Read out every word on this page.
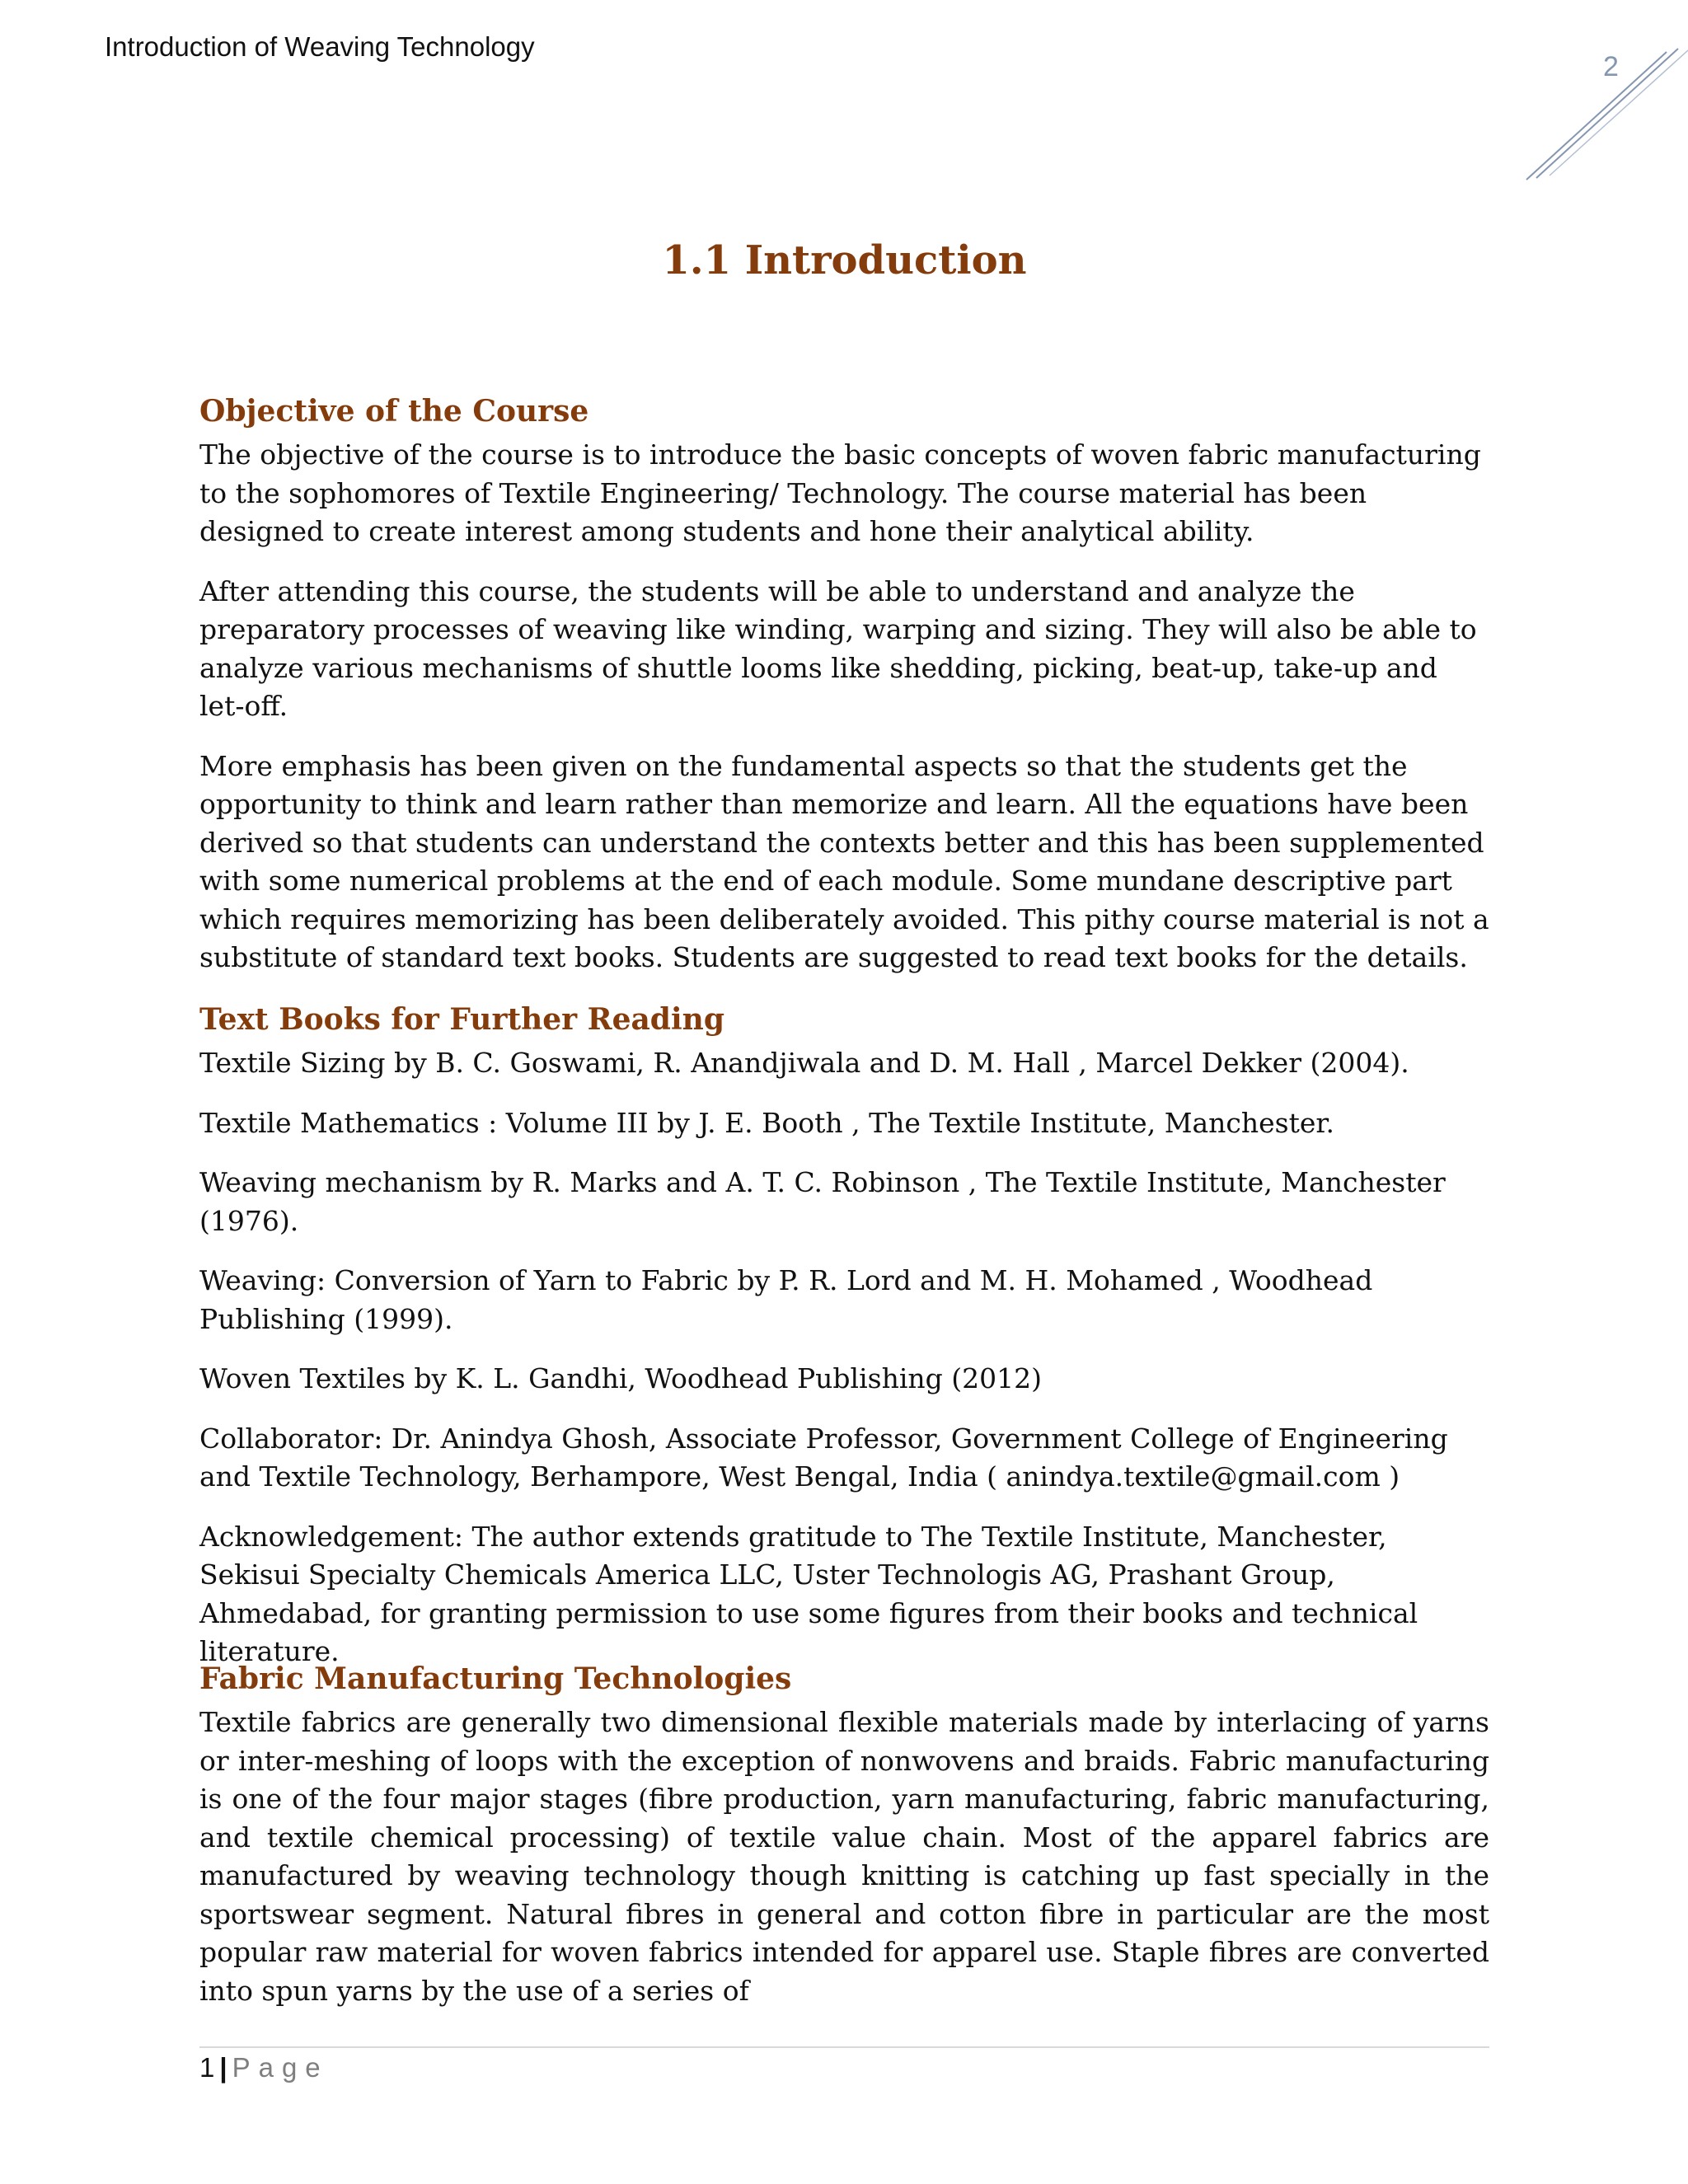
Introduction of Weaving Technology
2
1.1 Introduction
Objective of the Course

The objective of the course is to introduce the basic concepts of woven fabric manufacturing to the sophomores of Textile Engineering/ Technology. The course material has been designed to create interest among students and hone their analytical ability.

After attending this course, the students will be able to understand and analyze the preparatory processes of weaving like winding, warping and sizing. They will also be able to analyze various mechanisms of shuttle looms like shedding, picking, beat-up, take-up and let-off.

More emphasis has been given on the fundamental aspects so that the students get the opportunity to think and learn rather than memorize and learn. All the equations have been derived so that students can understand the contexts better and this has been supplemented with some numerical problems at the end of each module. Some mundane descriptive part which requires memorizing has been deliberately avoided. This pithy course material is not a substitute of standard text books. Students are suggested to read text books for the details.

Text Books for Further Reading

Textile Sizing by B. C. Goswami, R. Anandjiwala and D. M. Hall , Marcel Dekker (2004).

Textile Mathematics : Volume III by J. E. Booth , The Textile Institute, Manchester.

Weaving mechanism by R. Marks and A. T. C. Robinson , The Textile Institute, Manchester (1976).

Weaving: Conversion of Yarn to Fabric by P. R. Lord and M. H. Mohamed , Woodhead Publishing (1999).

Woven Textiles by K. L. Gandhi, Woodhead Publishing (2012)

Collaborator: Dr. Anindya Ghosh, Associate Professor, Government College of Engineering and Textile Technology, Berhampore, West Bengal, India ( anindya.textile@gmail.com )

Acknowledgement: The author extends gratitude to The Textile Institute, Manchester, Sekisui Specialty Chemicals America LLC, Uster Technologis AG, Prashant Group, Ahmedabad, for granting permission to use some figures from their books and technical literature.

Fabric Manufacturing Technologies

Textile fabrics are generally two dimensional flexible materials made by interlacing of yarns or inter-meshing of loops with the exception of nonwovens and braids. Fabric manufacturing is one of the four major stages (fibre production, yarn manufacturing, fabric manufacturing, and textile chemical processing) of textile value chain. Most of the apparel fabrics are manufactured by weaving technology though knitting is catching up fast specially in the sportswear segment. Natural fibres in general and cotton fibre in particular are the most popular raw material for woven fabrics intended for apparel use. Staple fibres are converted into spun yarns by the use of a series of

1 | Page
